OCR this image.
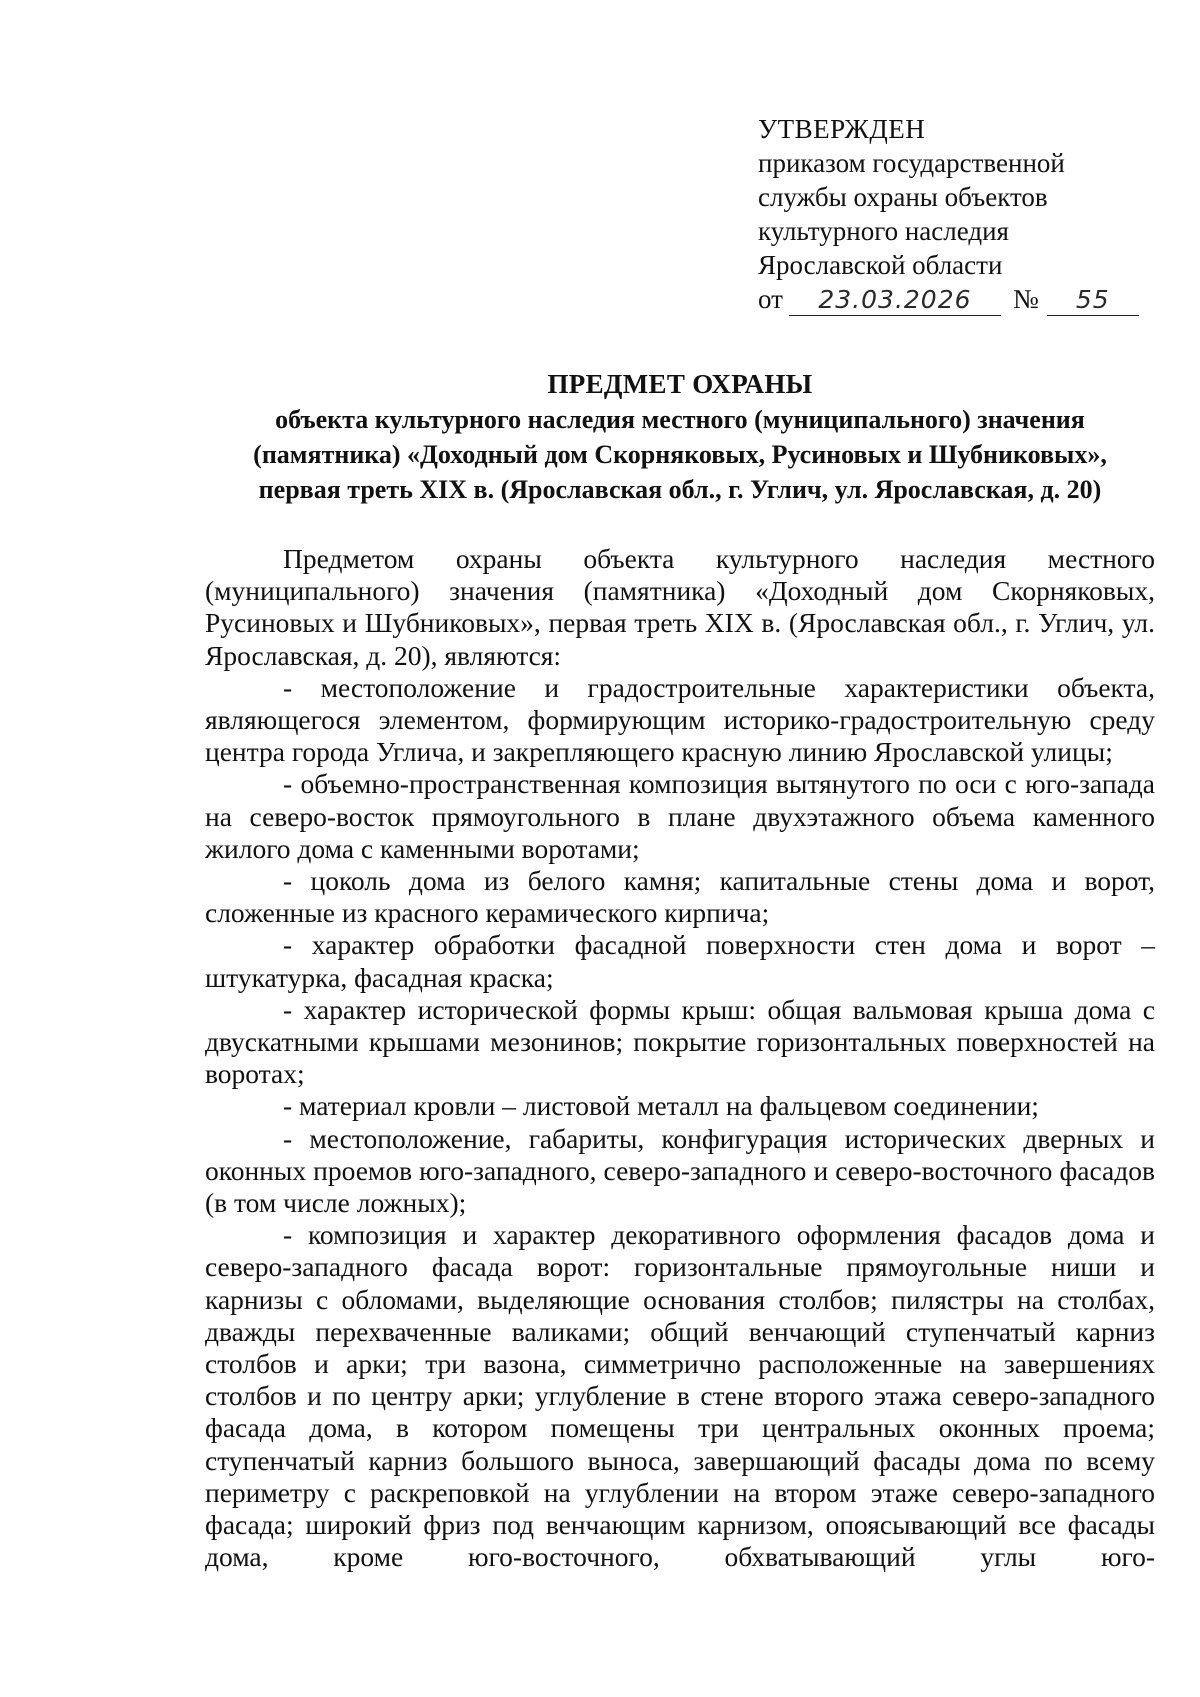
УТВЕРЖДЕН
приказом государственной
службы охраны объектов
культурного наследия
Ярославской области
от	23.03.2026	№	55
ПРЕДМЕТ ОХРАНЫ
объекта культурного наследия местного (муниципального) значения
(памятника) «Доходный дом Скорняковых, Русиновых и Шубниковых»,
первая треть XIX в. (Ярославская обл., г. Углич, ул. Ярославская, д. 20)

Предметом охраны объекта культурного наследия местного (муниципального) значения (памятника) «Доходный дом Скорняковых, Русиновых и Шубниковых», первая треть XIX в. (Ярославская обл., г. Углич, ул. Ярославская, д. 20), являются:

- местоположение и градостроительные характеристики объекта, являющегося элементом, формирующим историко-градостроительную среду центра города Углича, и закрепляющего красную линию Ярославской улицы;

- объемно-пространственная композиция вытянутого по оси с юго-запада на северо-восток прямоугольного в плане двухэтажного объема каменного жилого дома с каменными воротами;

- цоколь дома из белого камня; капитальные стены дома и ворот, сложенные из красного керамического кирпича;

- характер обработки фасадной поверхности стен дома и ворот – штукатурка, фасадная краска;

- характер исторической формы крыш: общая вальмовая крыша дома с двускатными крышами мезонинов; покрытие горизонтальных поверхностей на воротах;

- материал кровли – листовой металл на фальцевом соединении;

- местоположение, габариты, конфигурация исторических дверных и оконных проемов юго-западного, северо-западного и северо-восточного фасадов (в том числе ложных);

- композиция и характер декоративного оформления фасадов дома и северо-западного фасада ворот: горизонтальные прямоугольные ниши и карнизы с обломами, выделяющие основания столбов; пилястры на столбах, дважды перехваченные валиками; общий венчающий ступенчатый карниз столбов и арки; три вазона, симметрично расположенные на завершениях столбов и по центру арки; углубление в стене второго этажа северо-западного фасада дома, в котором помещены три центральных оконных проема; ступенчатый карниз большого выноса, завершающий фасады дома по всему периметру с раскреповкой на углублении на втором этаже северо-западного фасада; широкий фриз под венчающим карнизом, опоясывающий все фасады дома, кроме юго-восточного, обхватывающий углы юго-
